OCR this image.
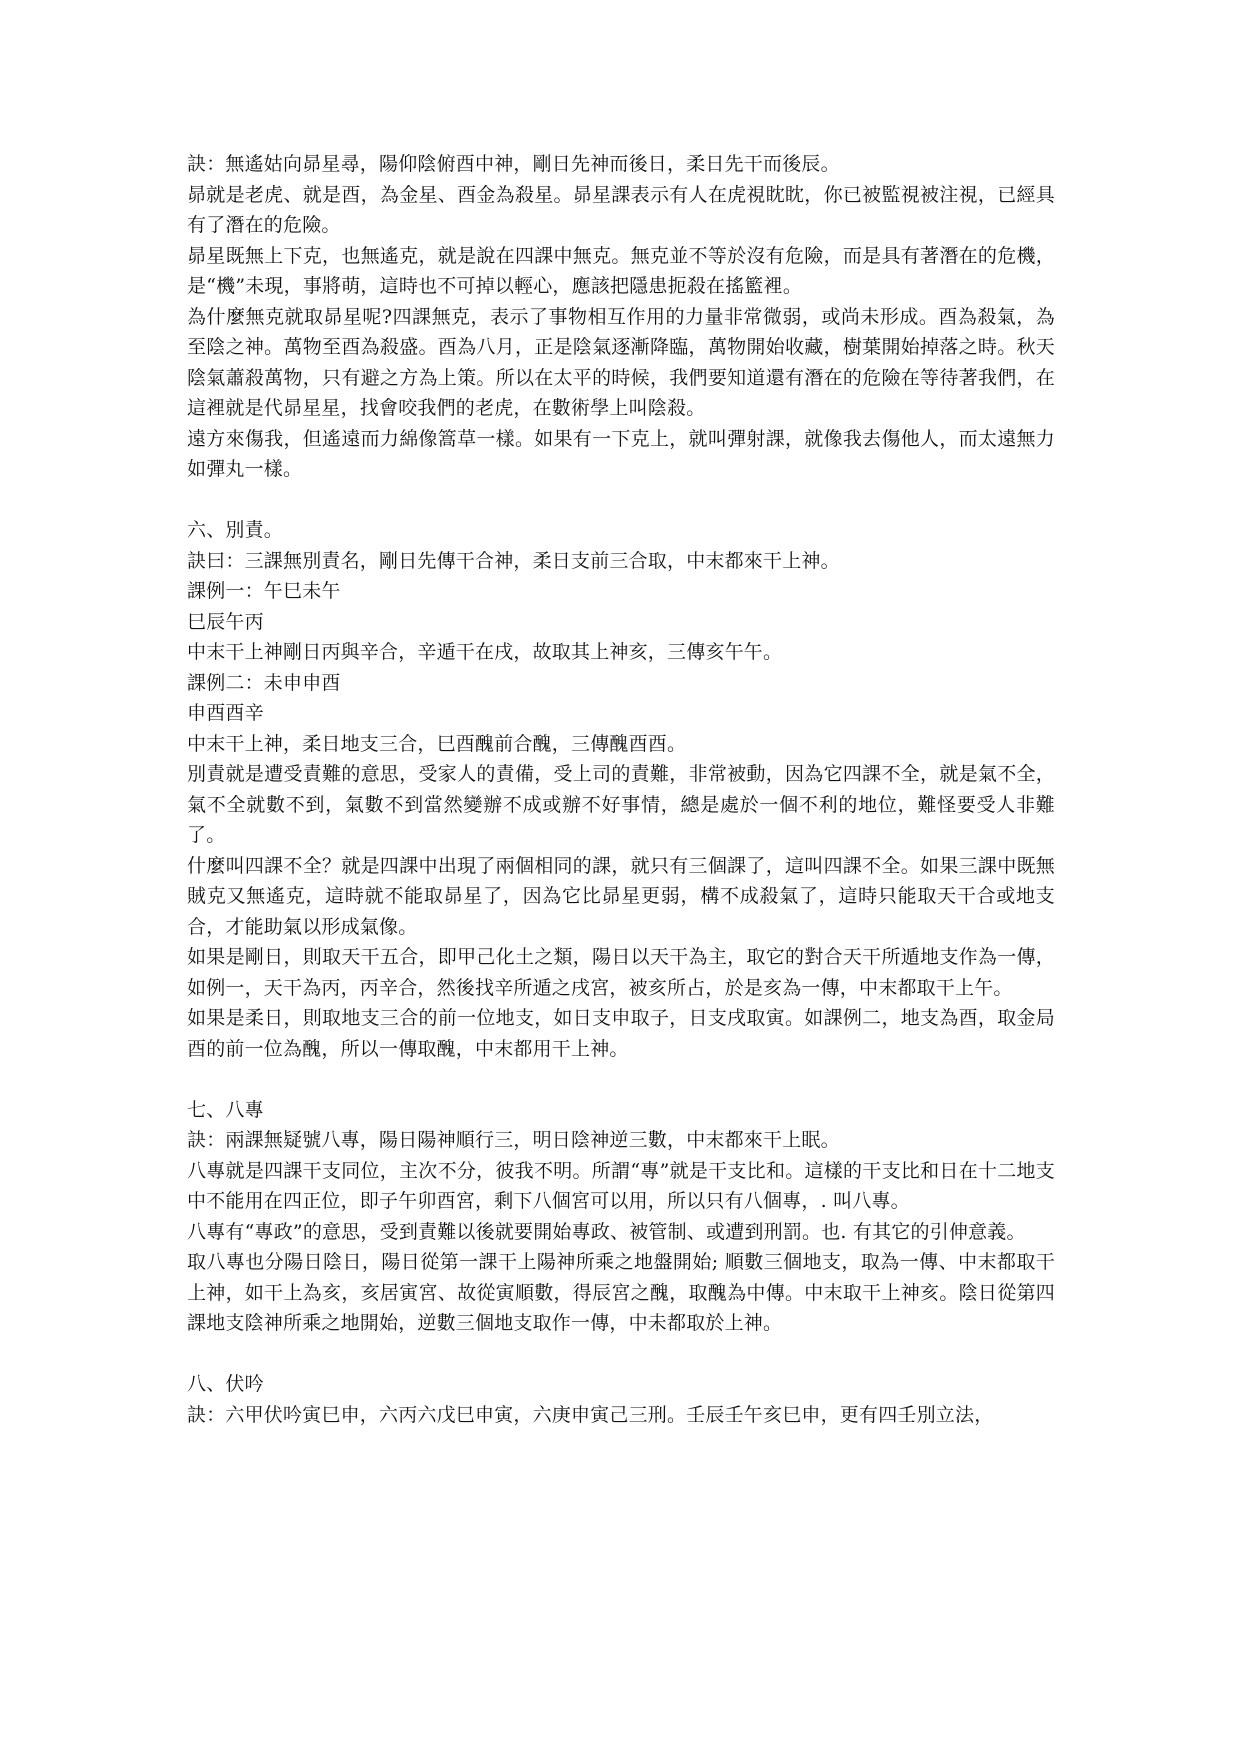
訣：無遙姑向昴星尋，陽仰陰俯酉中神，剛日先神而後日，柔日先干而後辰。

昴就是老虎、就是酉，為金星、酉金為殺星。昴星課表示有人在虎視眈眈，你已被監視被注視，已經具有了潛在的危險。

昴星既無上下克，也無遙克，就是說在四課中無克。無克並不等於沒有危險，而是具有著潛在的危機，是“機”未現，事將萌，這時也不可掉以輕心，應該把隱患扼殺在搖籃裡。

為什麼無克就取昴星呢?四課無克，表示了事物相互作用的力量非常微弱，或尚未形成。酉為殺氣，為至陰之神。萬物至酉為殺盛。酉為八月，正是陰氣逐漸降臨，萬物開始收藏，樹葉開始掉落之時。秋天陰氣蕭殺萬物，只有避之方為上策。所以在太平的時候，我們要知道還有潛在的危險在等待著我們，在這裡就是代昴星星，找會咬我們的老虎，在數術學上叫陰殺。

遠方來傷我，但遙遠而力綿像篙草一樣。如果有一下克上，就叫彈射課，就像我去傷他人，而太遠無力如彈丸一樣。

六、別責。

訣曰：三課無別責名，剛日先傳干合神，柔日支前三合取，中末都來干上神。

課例一：午巳未午

巳辰午丙

中末干上神剛日丙與辛合，辛遁干在戌，故取其上神亥，三傳亥午午。

課例二：未申申酉

申酉酉辛

中末干上神，柔日地支三合，巳酉醜前合醜，三傳醜酉酉。

別責就是遭受責難的意思，受家人的責備，受上司的責難，非常被動，因為它四課不全，就是氣不全，氣不全就數不到，氣數不到當然變辦不成或辦不好事情，總是處於一個不利的地位，難怪要受人非難了。

什麼叫四課不全？就是四課中出現了兩個相同的課，就只有三個課了，這叫四課不全。如果三課中既無賊克又無遙克，這時就不能取昴星了，因為它比昴星更弱，構不成殺氣了，這時只能取天干合或地支合，才能助氣以形成氣像。

如果是剛日，則取天干五合，即甲己化土之類，陽日以天干為主，取它的對合天干所遁地支作為一傳，如例一，天干為丙，丙辛合，然後找辛所遁之戌宮，被亥所占，於是亥為一傳，中末都取干上午。

如果是柔日，則取地支三合的前一位地支，如日支申取子，日支戌取寅。如課例二，地支為酉，取金局酉的前一位為醜，所以一傳取醜，中末都用干上神。

七、八專

訣：兩課無疑號八專，陽日陽神順行三，明日陰神逆三數，中末都來干上眠。

八專就是四課干支同位，主次不分，彼我不明。所謂“專”就是干支比和。這樣的干支比和日在十二地支中不能用在四正位，即子午卯酉宮，剩下八個宮可以用，所以只有八個專，. 叫八專。

八專有“專政”的意思，受到責難以後就要開始專政、被管制、或遭到刑罰。也. 有其它的引伸意義。

取八專也分陽日陰日，陽日從第一課干上陽神所乘之地盤開始; 順數三個地支，取為一傳、中末都取干上神，如干上為亥，亥居寅宮、故從寅順數，得辰宮之醜，取醜為中傳。中末取干上神亥。陰日從第四課地支陰神所乘之地開始，逆數三個地支取作一傳，中未都取於上神。

八、伏吟

訣：六甲伏吟寅巳申，六丙六戊巳申寅，六庚申寅己三刑。壬辰壬午亥巳申，更有四壬別立法，
